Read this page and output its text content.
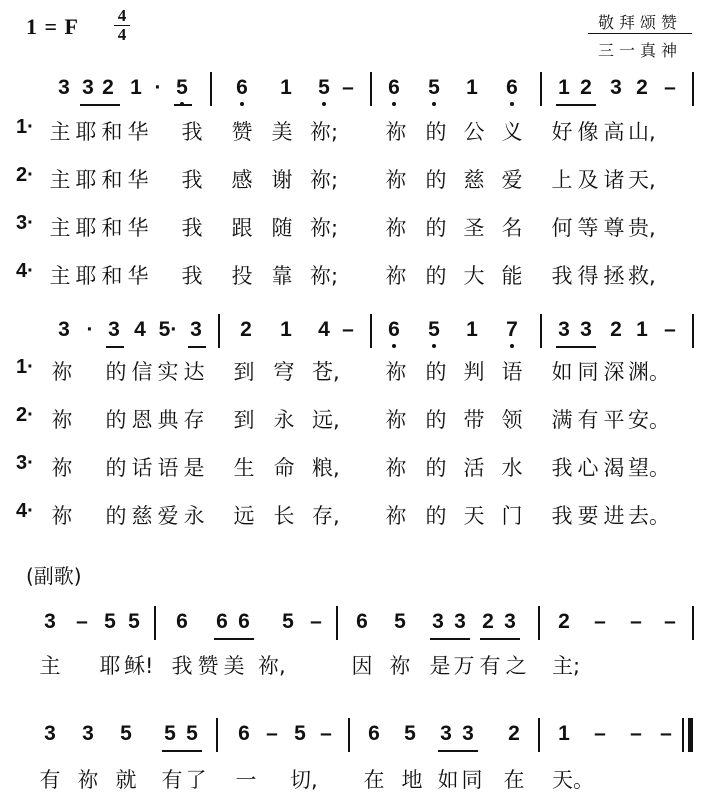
1 = F 4
4
敬拜颂赞
三一真神
3 3 2 1 · 5 6 1 5 – 6 5 1 6 1 2 3 2 –
1· 主 耶 和 华 我 赞 美 祢; 祢 的 公 义 好 像 高 山,
2· 主 耶 和 华 我 感 谢 祢; 祢 的 慈 爱 上 及 诸 天,
3· 主 耶 和 华 我 跟 随 祢; 祢 的 圣 名 何 等 尊 贵,
4· 主 耶 和 华 我 投 靠 祢; 祢 的 大 能 我 得 拯 救,
3 · 3 4 5· 3 2 1 4 – 6 5 1 7 3 3 2 1 –
1· 祢 的 信 实 达 到 穹 苍, 祢 的 判 语 如 同 深 渊。
2· 祢 的 恩 典 存 到 永 远, 祢 的 带 领 满 有 平 安。
3· 祢 的 话 语 是 生 命 粮, 祢 的 活 水 我 心 渴 望。
4· 祢 的 慈 爱 永 远 长 存, 祢 的 天 门 我 要 进 去。
(副歌)
3 – 5 5 6 6 6 5 – 6 5 3 3 2 3 2 – – –
主 耶 稣! 我 赞 美 祢,	因 祢 是 万 有 之 主;
3 3 5 5 5 6 – 5 – 6 5 3 3 2 1 – – –
有 祢 就 有 了 一 切, 在 地 如 同 在 天。
